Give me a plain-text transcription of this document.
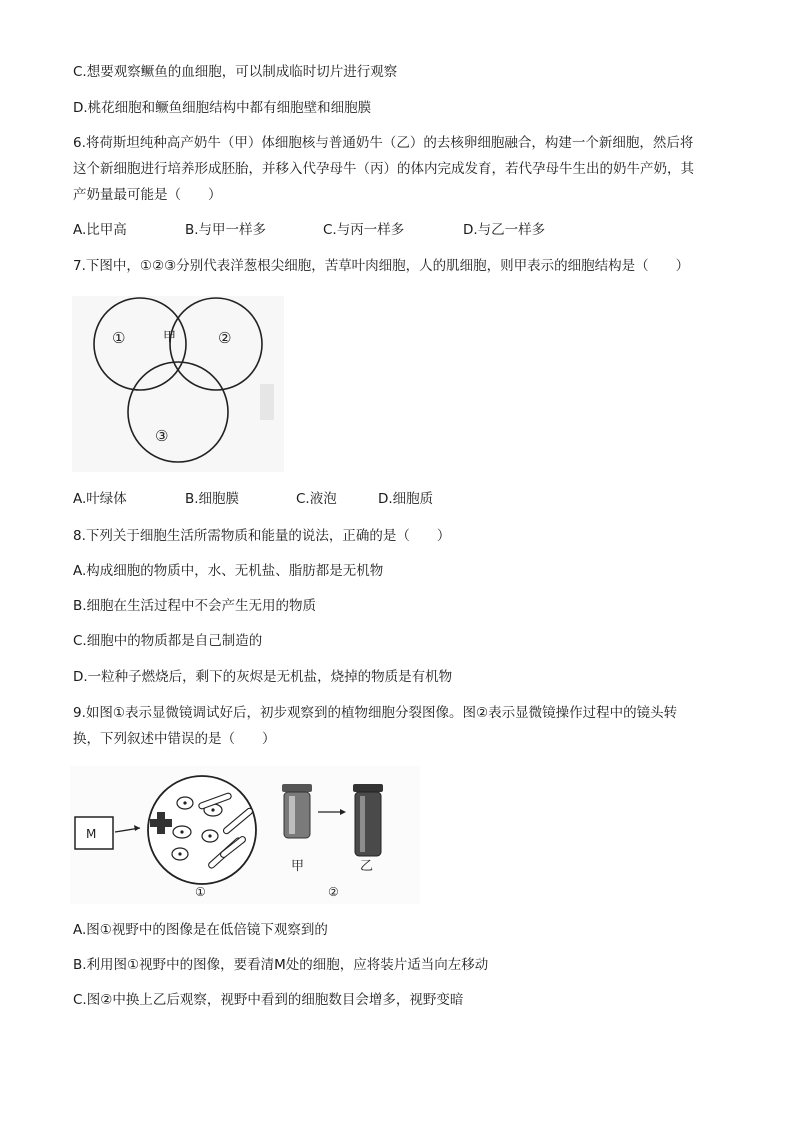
C.想要观察鳜鱼的血细胞，可以制成临时切片进行观察
D.桃花细胞和鳜鱼细胞结构中都有细胞壁和细胞膜
6.将荷斯坦纯种高产奶牛（甲）体细胞核与普通奶牛（乙）的去核卵细胞融合，构建一个新细胞，然后将
这个新细胞进行培养形成胚胎，并移入代孕母牛（丙）的体内完成发育，若代孕母牛生出的奶牛产奶，其
产奶量最可能是（　　）
A.比甲高	B.与甲一样多	C.与丙一样多	D.与乙一样多
7.下图中，①②③分别代表洋葱根尖细胞，苦草叶肉细胞，人的肌细胞，则甲表示的细胞结构是（　　）
①	②
③
甲
A.叶绿体	B.细胞膜	C.液泡	D.细胞质
8.下列关于细胞生活所需物质和能量的说法，正确的是（　　）
A.构成细胞的物质中，水、无机盐、脂肪都是无机物
B.细胞在生活过程中不会产生无用的物质
C.细胞中的物质都是自己制造的
D.一粒种子燃烧后，剩下的灰烬是无机盐，烧掉的物质是有机物
9.如图①表示显微镜调试好后，初步观察到的植物细胞分裂图像。图②表示显微镜操作过程中的镜头转
换，下列叙述中错误的是（　　）
M
①
甲	乙
②
A.图①视野中的图像是在低倍镜下观察到的
B.利用图①视野中的图像，要看清M处的细胞，应将装片适当向左移动
C.图②中换上乙后观察，视野中看到的细胞数目会增多，视野变暗
